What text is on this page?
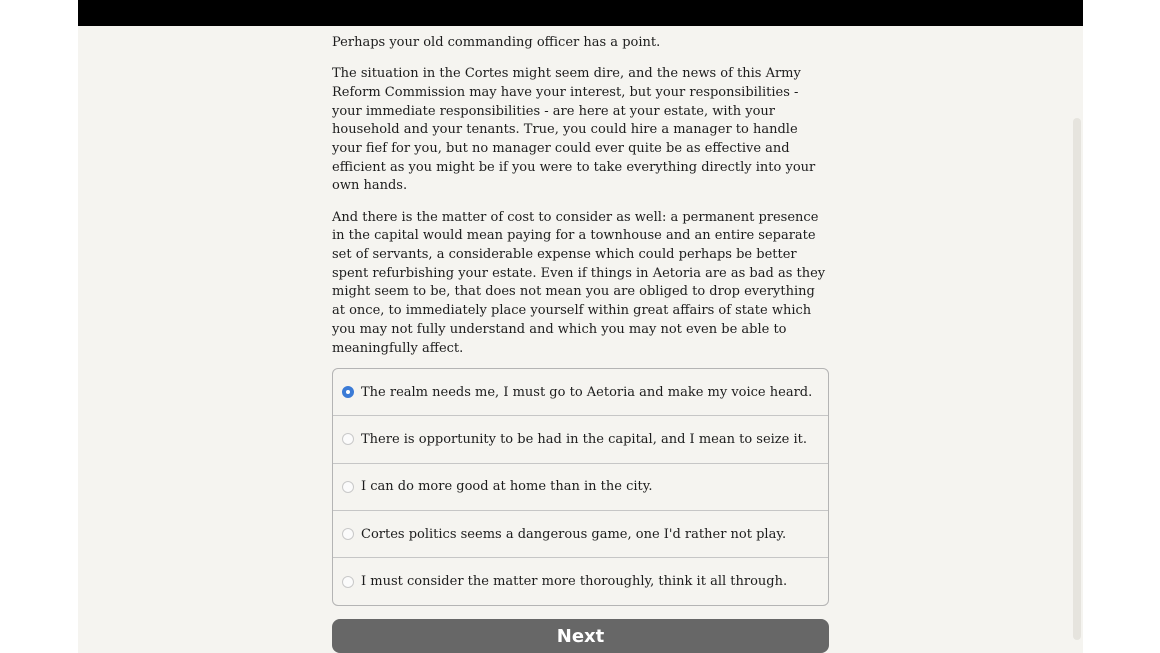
Perhaps your old commanding officer has a point.

The situation in the Cortes might seem dire, and the news of this Army Reform Commission may have your interest, but your responsibilities - your immediate responsibilities - are here at your estate, with your household and your tenants. True, you could hire a manager to handle your fief for you, but no manager could ever quite be as effective and efficient as you might be if you were to take everything directly into your own hands.

And there is the matter of cost to consider as well: a permanent presence in the capital would mean paying for a townhouse and an entire separate set of servants, a considerable expense which could perhaps be better spent refurbishing your estate. Even if things in Aetoria are as bad as they might seem to be, that does not mean you are obliged to drop everything at once, to immediately place yourself within great affairs of state which you may not fully understand and which you may not even be able to meaningfully affect.

The realm needs me, I must go to Aetoria and make my voice heard.
There is opportunity to be had in the capital, and I mean to seize it.
I can do more good at home than in the city.
Cortes politics seems a dangerous game, one I'd rather not play.
I must consider the matter more thoroughly, think it all through.
Next
